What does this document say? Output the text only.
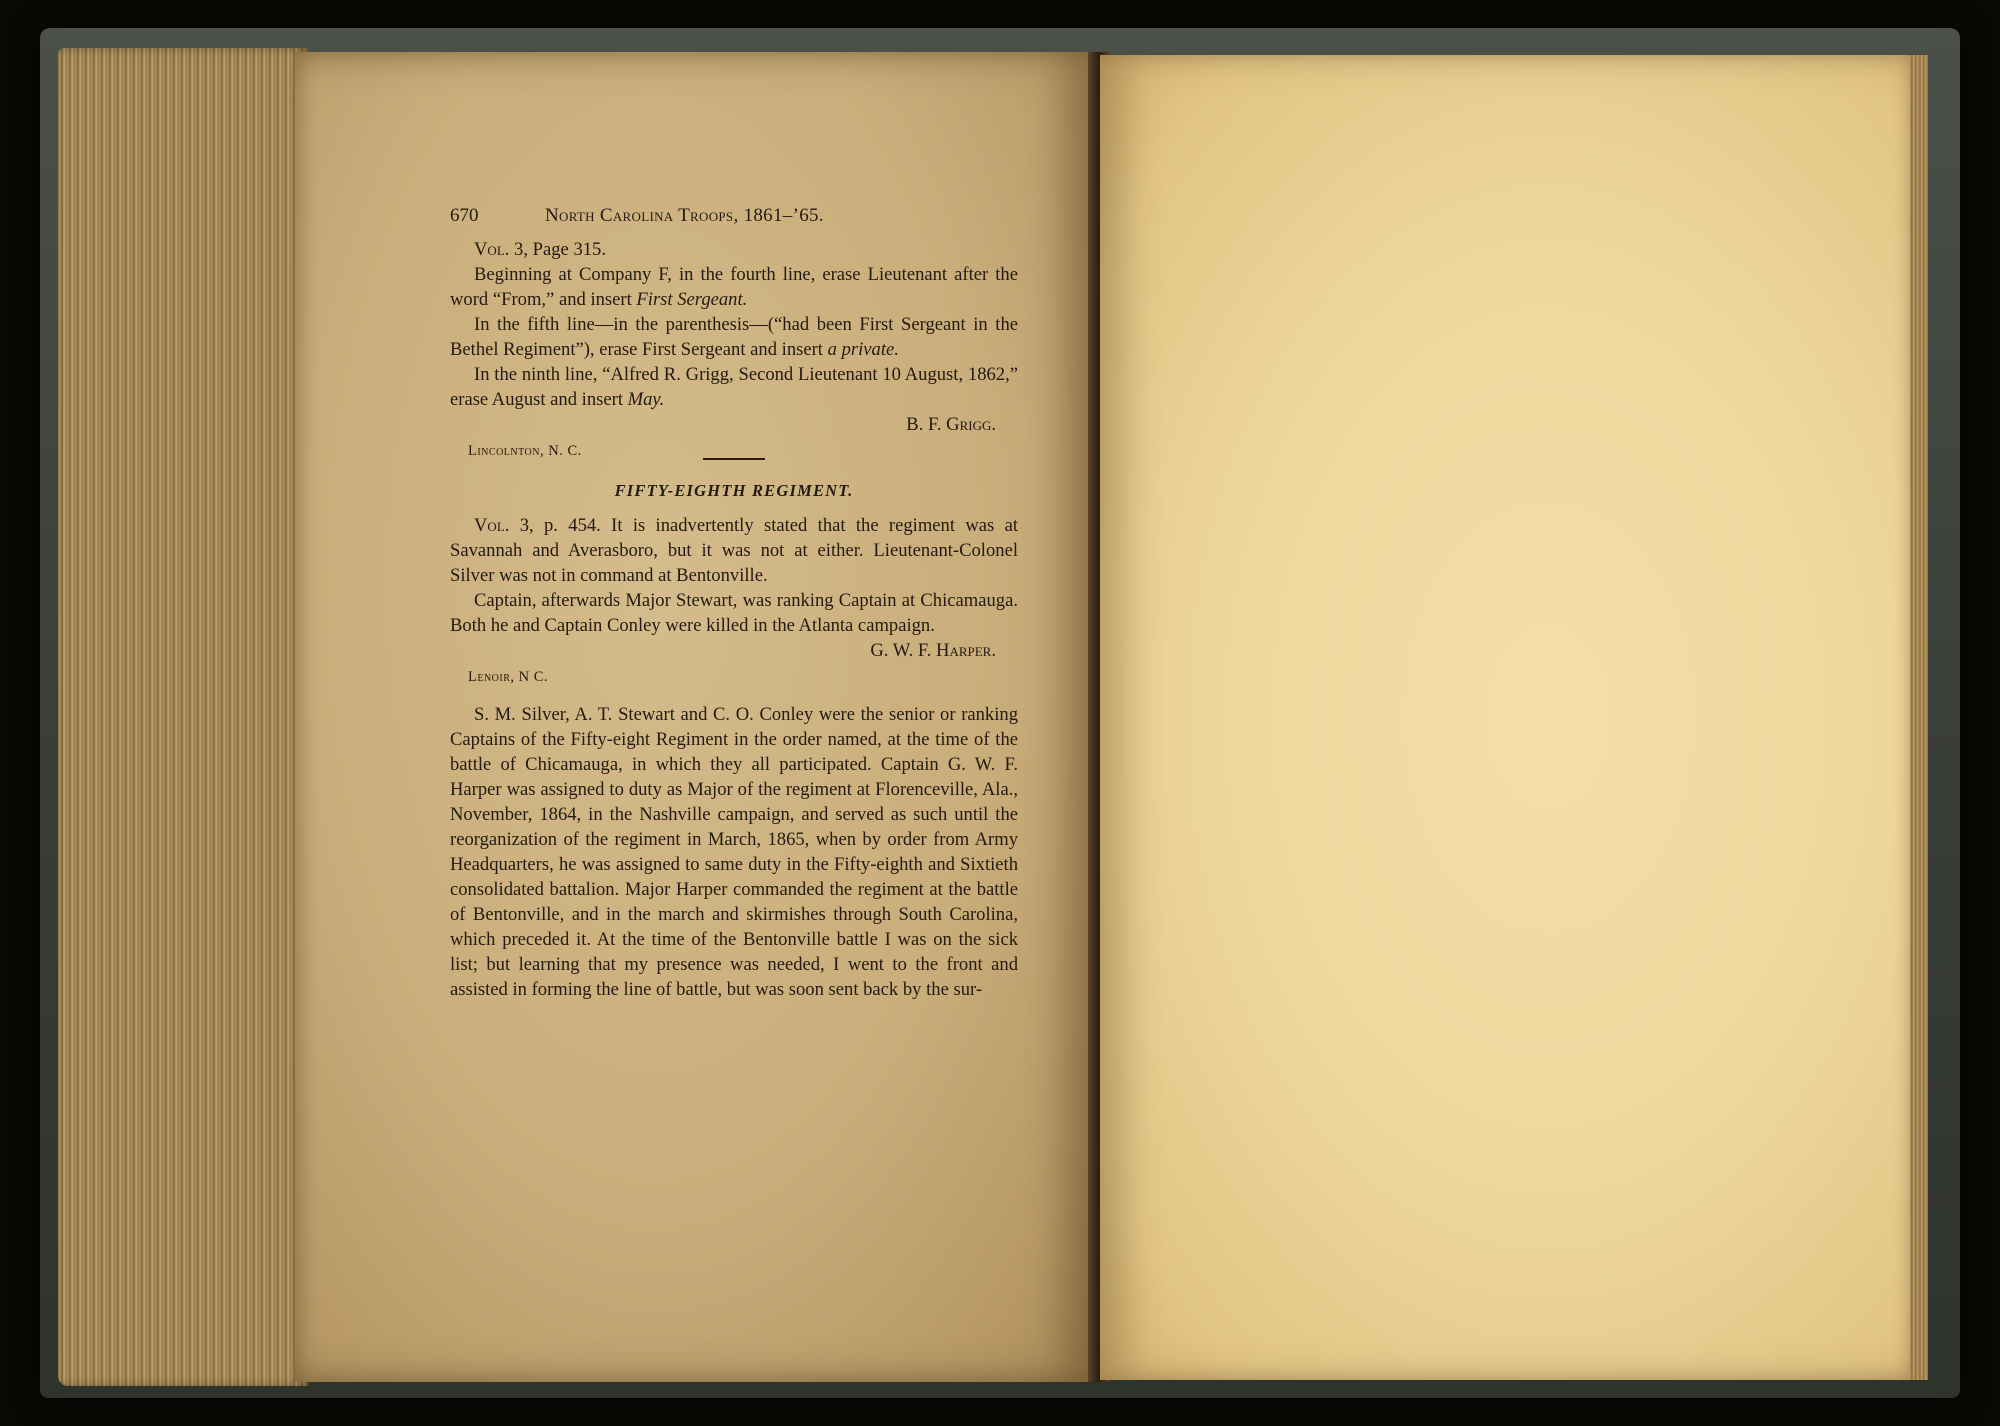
670	North Carolina Troops, 1861–’65.

Vol. 3, Page 315.

Beginning at Company F, in the fourth line, erase Lieutenant after the word “From,” and insert First Sergeant.

In the fifth line—in the parenthesis—(“had been First Sergeant in the Bethel Regiment”), erase First Sergeant and insert a private.

In the ninth line, “Alfred R. Grigg, Second Lieutenant 10 August, 1862,” erase August and insert May.

B. F. Grigg.

Lincolnton, N. C.

FIFTY-EIGHTH REGIMENT.

Vol. 3, p. 454. It is inadvertently stated that the regiment was at Savannah and Averasboro, but it was not at either. Lieutenant-Colonel Silver was not in command at Bentonville.

Captain, afterwards Major Stewart, was ranking Captain at Chicamauga. Both he and Captain Conley were killed in the Atlanta campaign.

G. W. F. Harper.

Lenoir, N C.

S. M. Silver, A. T. Stewart and C. O. Conley were the senior or ranking Captains of the Fifty-eight Regiment in the order named, at the time of the battle of Chicamauga, in which they all participated. Captain G. W. F. Harper was assigned to duty as Major of the regiment at Florenceville, Ala., November, 1864, in the Nashville campaign, and served as such until the reorganization of the regiment in March, 1865, when by order from Army Headquarters, he was assigned to same duty in the Fifty-eighth and Sixtieth consolidated battalion. Major Harper commanded the regiment at the battle of Bentonville, and in the march and skirmishes through South Carolina, which preceded it. At the time of the Bentonville battle I was on the sick list; but learning that my presence was needed, I went to the front and assisted in forming the line of battle, but was soon sent back by the sur-
